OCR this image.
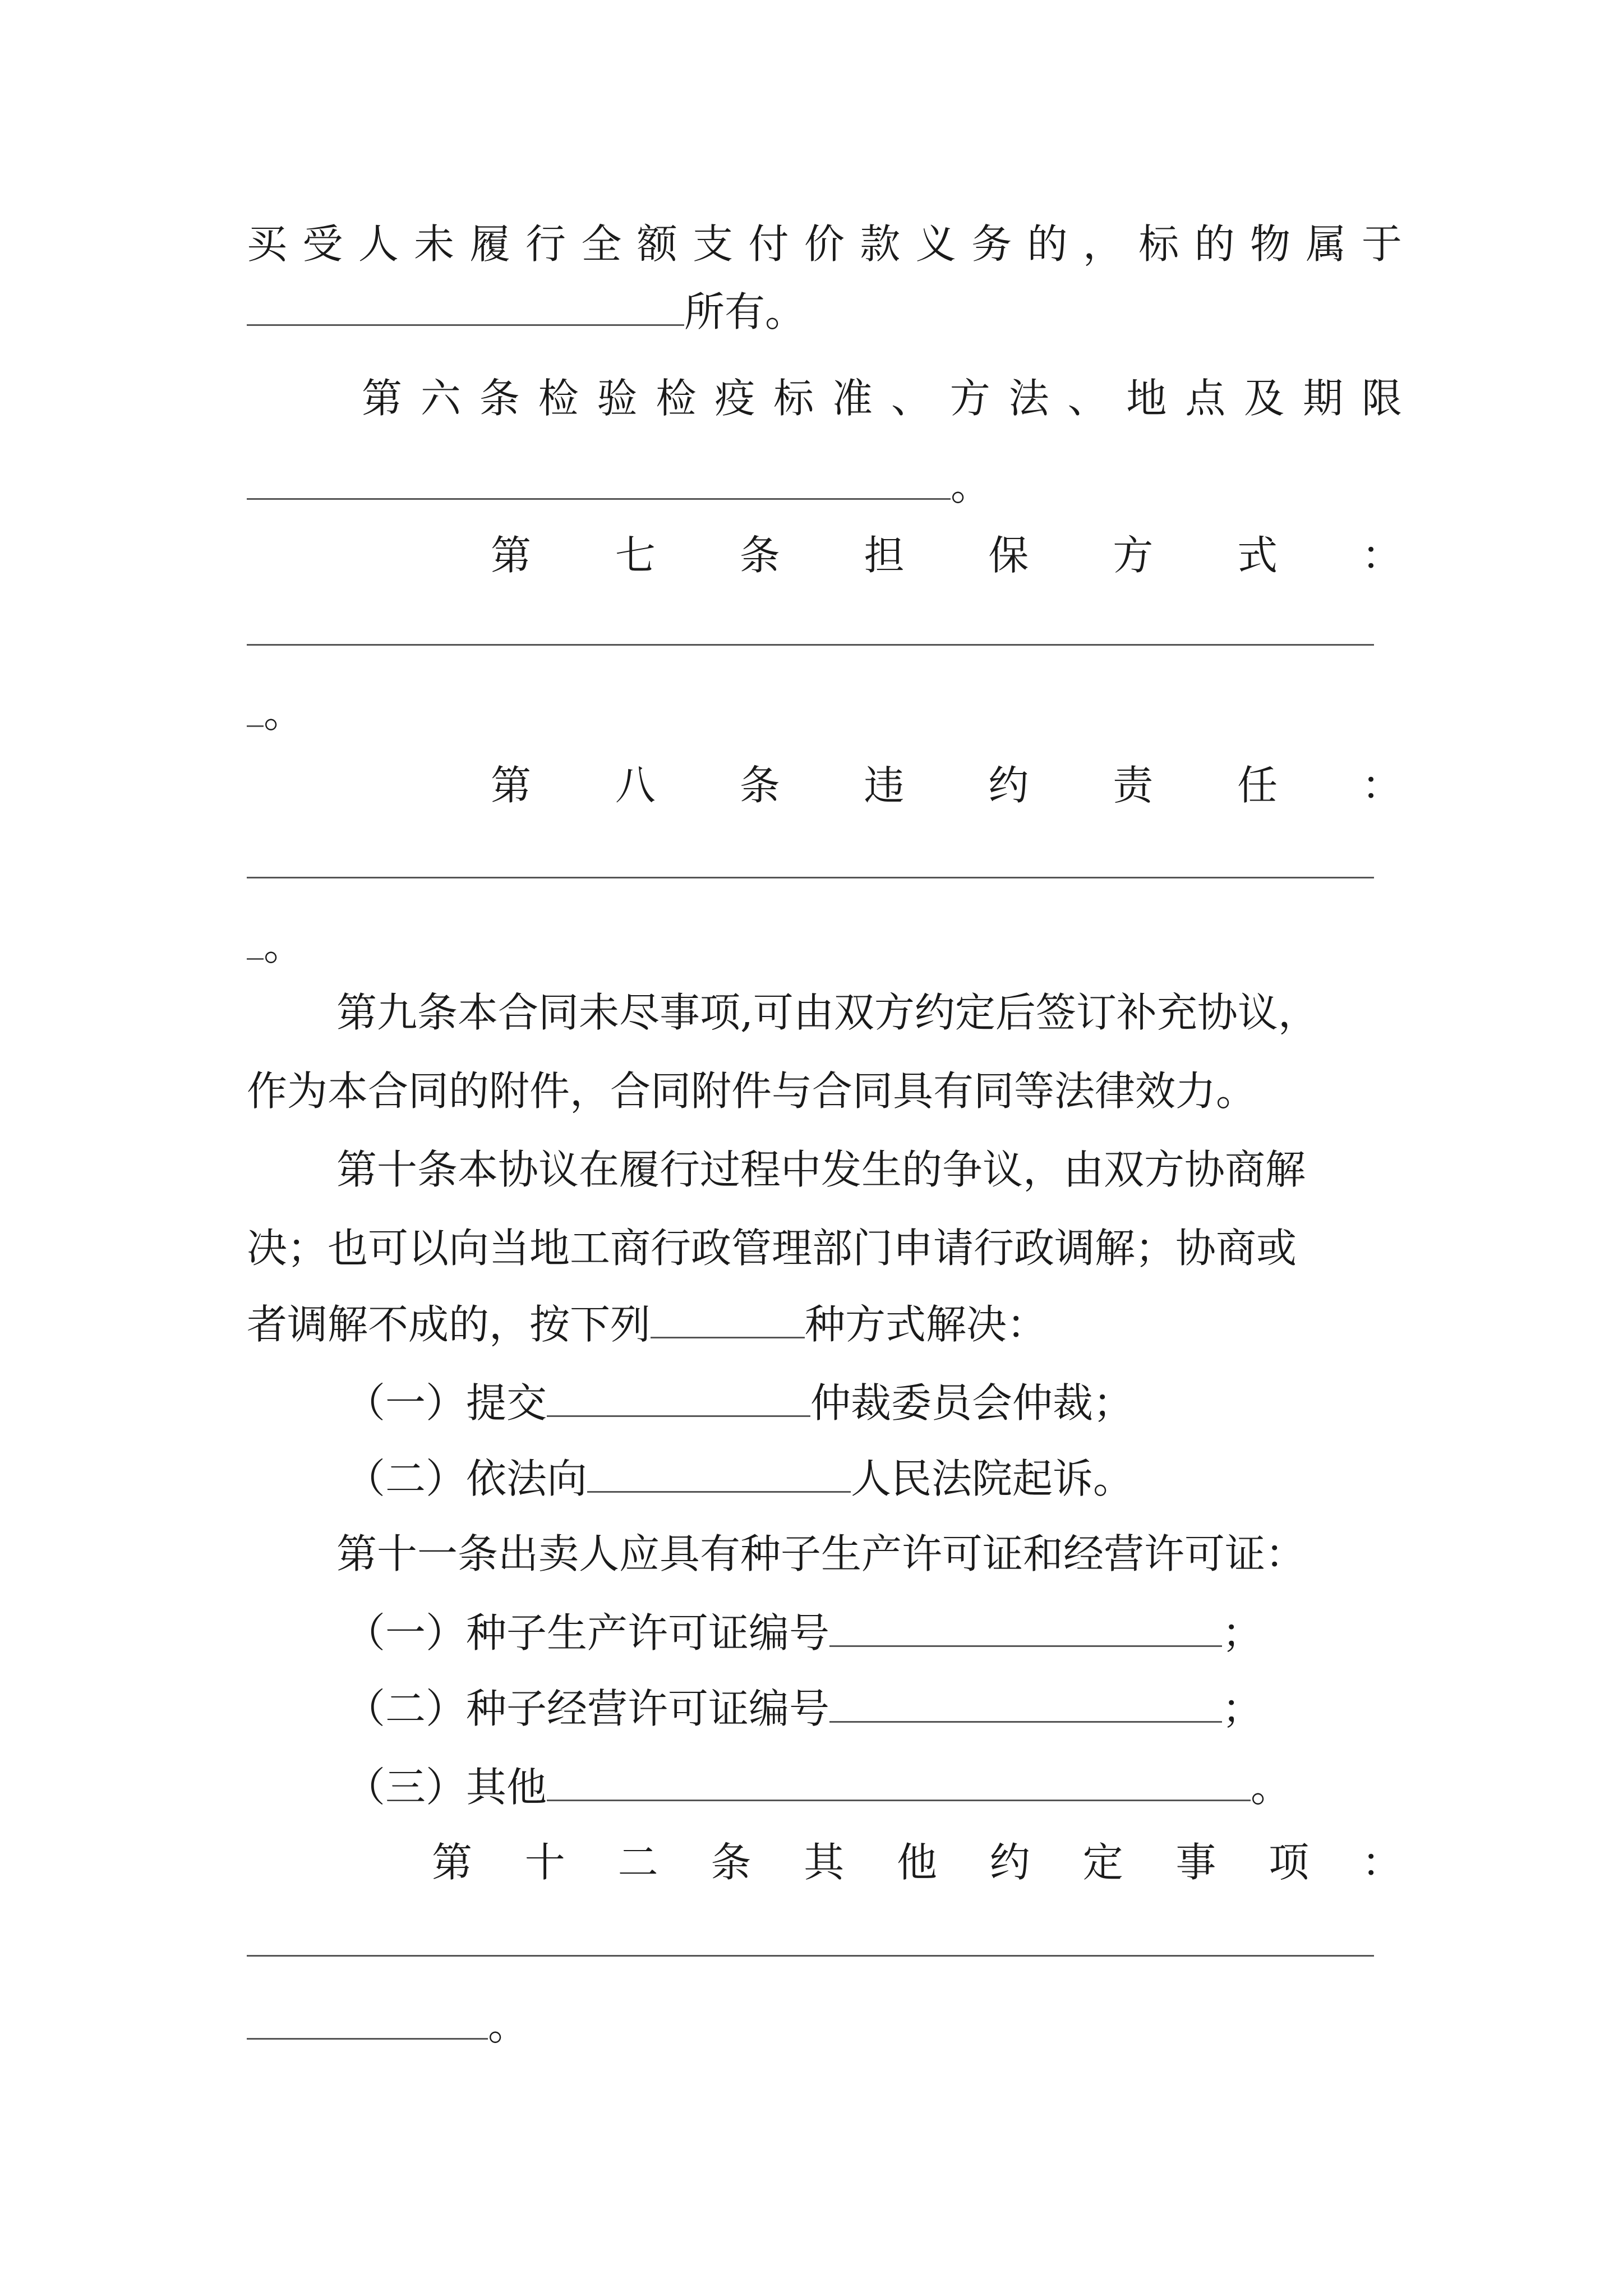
买 受 人 未 履 行 全 额 支 付 价 款 义 务 的 ， 标 的 物 属 于
所有。
第 六 条 检 验 检 疫 标 准 、 方 法 、 地 点 及 期 限
。
第 七 条 担 保 方 式 ：
。
第 八 条 违 约 责 任 ：
。
第九条本合同未尽事项,可由双方约定后签订补充协议，
作为本合同的附件，合同附件与合同具有同等法律效力。
第十条本协议在履行过程中发生的争议，由双方协商解
决；也可以向当地工商行政管理部门申请行政调解；协商或
者调解不成的，按下列	种方式解决：
（一）提交	仲裁委员会仲裁；
（二）依法向	人民法院起诉。
第十一条出卖人应具有种子生产许可证和经营许可证：
（一）种子生产许可证编号	；
（二）种子经营许可证编号	；
（三）其他	。
第 十 二 条 其 他 约 定 事 项 ：
。
